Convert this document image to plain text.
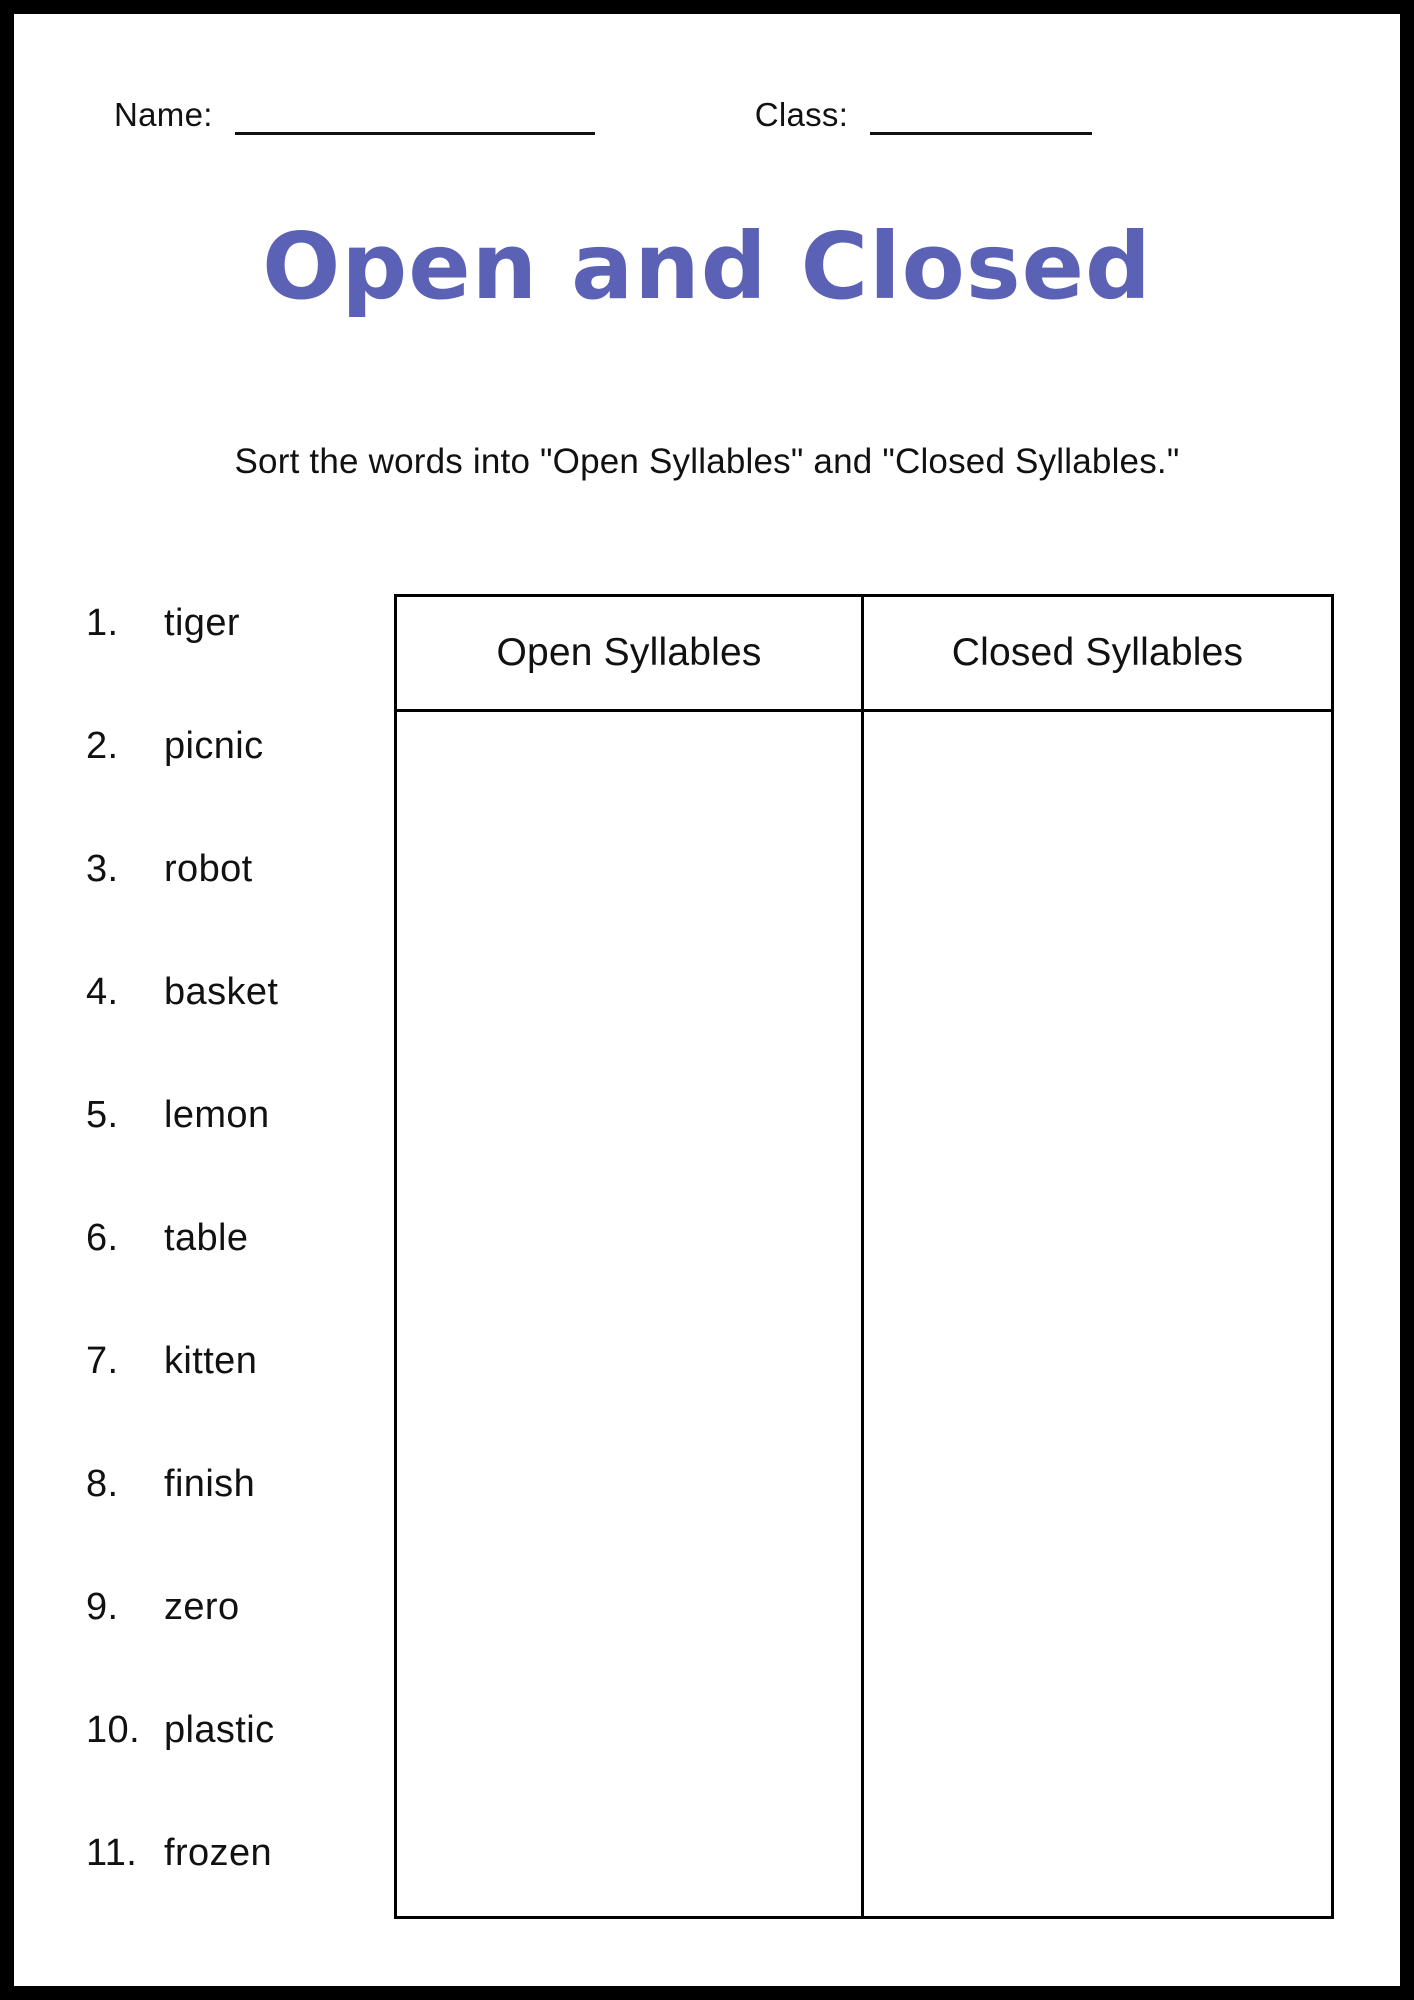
Name:	Class:
Open and Closed
Sort the words into "Open Syllables" and "Closed Syllables."
1.	tiger
2.	picnic
3.	robot
4.	basket
5.	lemon
6.	table
7.	kitten
8.	finish
9.	zero
10. plastic
11. frozen
Open Syllables	Closed Syllables
